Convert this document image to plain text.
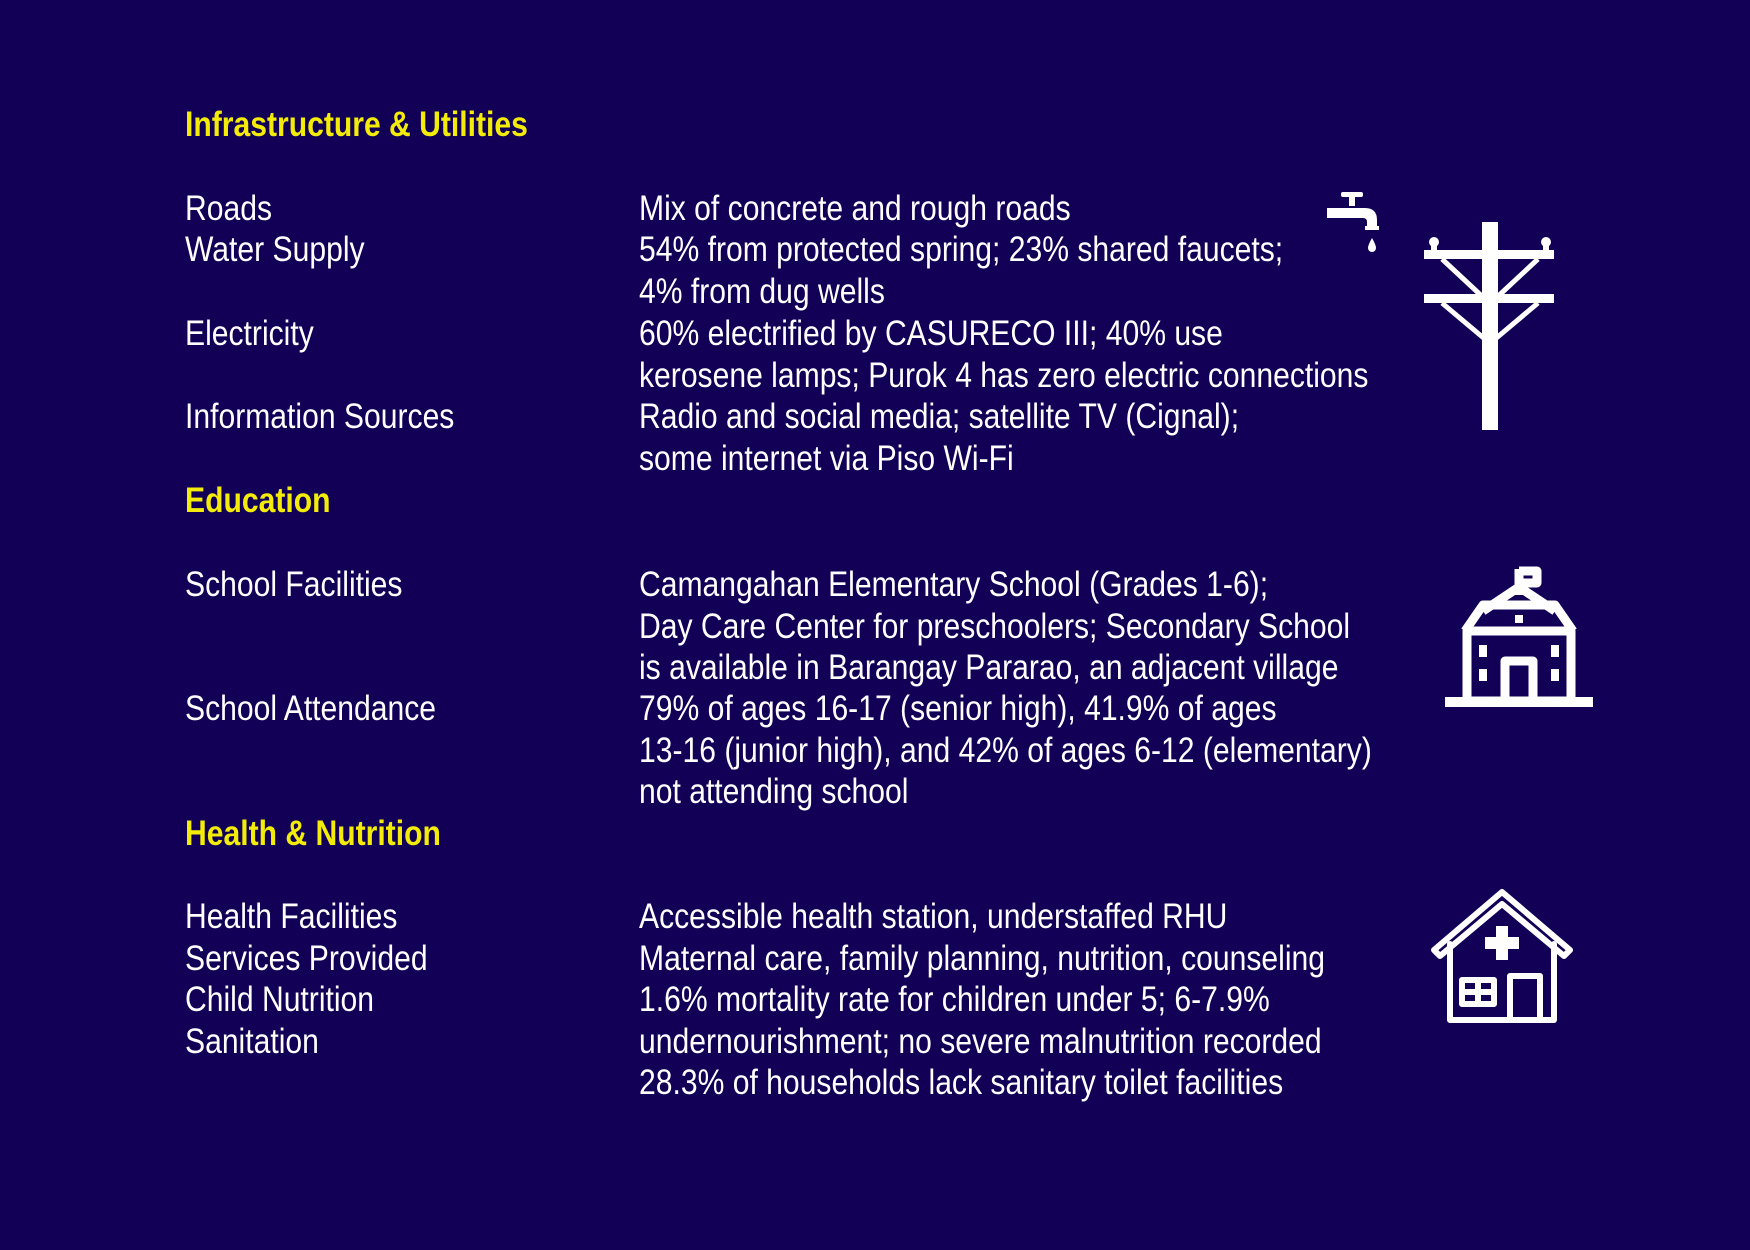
Infrastructure & Utilities
Roads
Water Supply
Electricity
Information Sources
Mix of concrete and rough roads
54% from protected spring; 23% shared faucets;
4% from dug wells
60% electrified by CASURECO III; 40% use
kerosene lamps; Purok 4 has zero electric connections
Radio and social media; satellite TV (Cignal);
some internet via Piso Wi-Fi
Education
School Facilities
School Attendance
Camangahan Elementary School (Grades 1-6);
Day Care Center for preschoolers; Secondary School
is available in Barangay Pararao, an adjacent village
79% of ages 16-17 (senior high), 41.9% of ages
13-16 (junior high), and 42% of ages 6-12 (elementary)
not attending school
Health & Nutrition
Health Facilities
Services Provided
Child Nutrition
Sanitation
Accessible health station, understaffed RHU
Maternal care, family planning, nutrition, counseling
1.6% mortality rate for children under 5; 6-7.9%
undernourishment; no severe malnutrition recorded
28.3% of households lack sanitary toilet facilities
